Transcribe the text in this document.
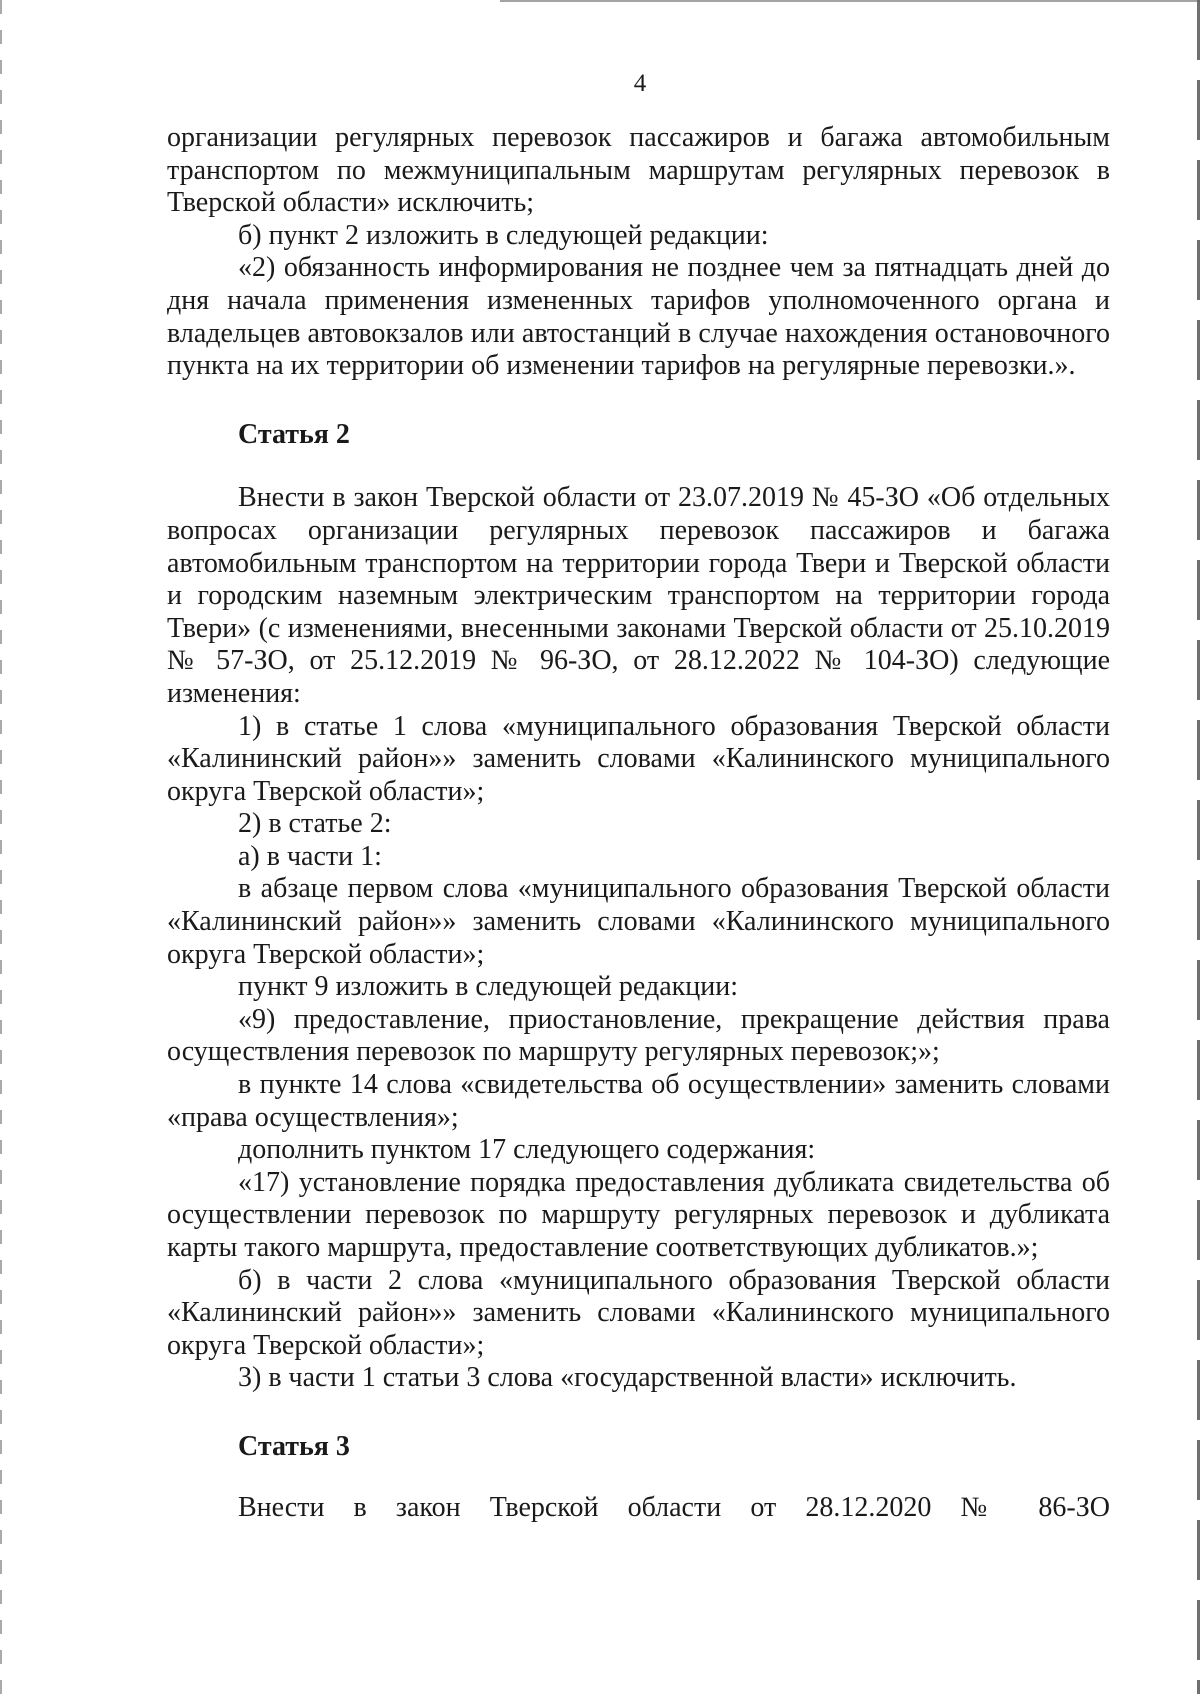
4

организации регулярных перевозок пассажиров и багажа автомобильным транспортом по межмуниципальным маршрутам регулярных перевозок в Тверской области» исключить;

б) пункт 2 изложить в следующей редакции:

«2) обязанность информирования не позднее чем за пятнадцать дней до дня начала применения измененных тарифов уполномоченного органа и владельцев автовокзалов или автостанций в случае нахождения остановочного пункта на их территории об изменении тарифов на регулярные перевозки.».

Статья 2

Внести в закон Тверской области от 23.07.2019 № 45-ЗО «Об отдельных вопросах организации регулярных перевозок пассажиров и багажа автомобильным транспортом на территории города Твери и Тверской области и городским наземным электрическим транспортом на территории города Твери» (с изменениями, внесенными законами Тверской области от 25.10.2019 № 57-ЗО, от 25.12.2019 № 96-ЗО, от 28.12.2022 № 104-ЗО) следующие изменения:

1) в статье 1 слова «муниципального образования Тверской области «Калининский район»» заменить словами «Калининского муниципального округа Тверской области»;

2) в статье 2:

а) в части 1:

в абзаце первом слова «муниципального образования Тверской области «Калининский район»» заменить словами «Калининского муниципального округа Тверской области»;

пункт 9 изложить в следующей редакции:

«9) предоставление, приостановление, прекращение действия права осуществления перевозок по маршруту регулярных перевозок;»;

в пункте 14 слова «свидетельства об осуществлении» заменить словами «права осуществления»;

дополнить пунктом 17 следующего содержания:

«17) установление порядка предоставления дубликата свидетельства об осуществлении перевозок по маршруту регулярных перевозок и дубликата карты такого маршрута, предоставление соответствующих дубликатов.»;

б) в части 2 слова «муниципального образования Тверской области «Калининский район»» заменить словами «Калининского муниципального округа Тверской области»;

3) в части 1 статьи 3 слова «государственной власти» исключить.

Статья 3

Внести в закон Тверской области от 28.12.2020 № 86-ЗО
